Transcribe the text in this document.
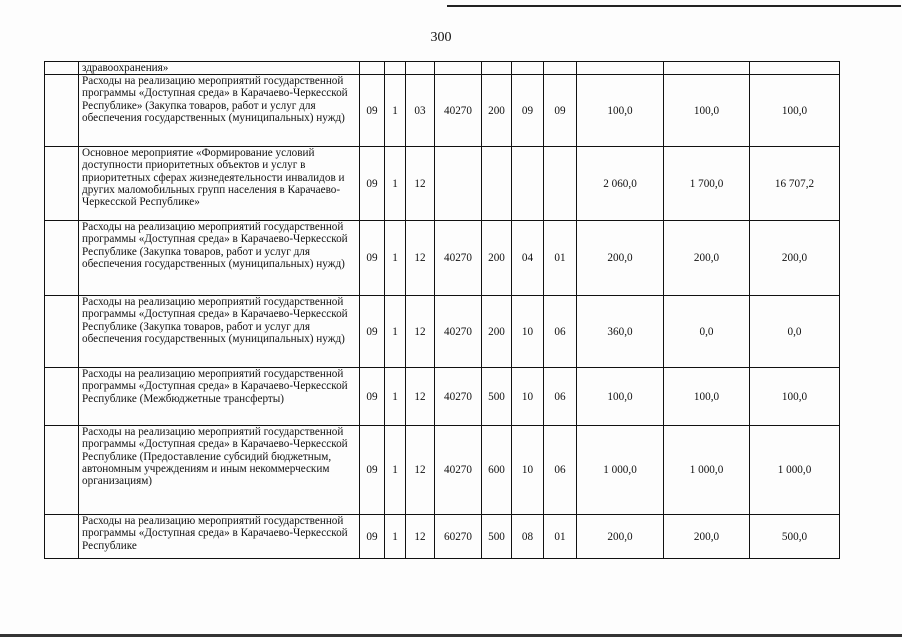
300
	здравоохранения»										
	Расходы на реализацию мероприятий государственной программы «Доступная среда» в Карачаево-Черкесской Республике» (Закупка товаров, работ и услуг для обеспечения государственных (муниципальных) нужд)	09	1	03	40270	200	09	09	100,0	100,0	100,0
	Основное мероприятие «Формирование условий доступности приоритетных объектов и услуг в приоритетных сферах жизнедеятельности инвалидов и других маломобильных групп населения в Карачаево-Черкесской Республике»	09	1	12					2 060,0	1 700,0	16 707,2
	Расходы на реализацию мероприятий государственной программы «Доступная среда» в Карачаево-Черкесской Республике (Закупка товаров, работ и услуг для обеспечения государственных (муниципальных) нужд)	09	1	12	40270	200	04	01	200,0	200,0	200,0
	Расходы на реализацию мероприятий государственной программы «Доступная среда» в Карачаево-Черкесской Республике (Закупка товаров, работ и услуг для обеспечения государственных (муниципальных) нужд)	09	1	12	40270	200	10	06	360,0	0,0	0,0
	Расходы на реализацию мероприятий государственной программы «Доступная среда» в Карачаево-Черкесской Республике (Межбюджетные трансферты)	09	1	12	40270	500	10	06	100,0	100,0	100,0
	Расходы на реализацию мероприятий государственной программы «Доступная среда» в Карачаево-Черкесской Республике (Предоставление субсидий бюджетным, автономным учреждениям и иным некоммерческим организациям)	09	1	12	40270	600	10	06	1 000,0	1 000,0	1 000,0
	Расходы на реализацию мероприятий государственной программы «Доступная среда» в Карачаево-Черкесской Республике	09	1	12	60270	500	08	01	200,0	200,0	500,0
